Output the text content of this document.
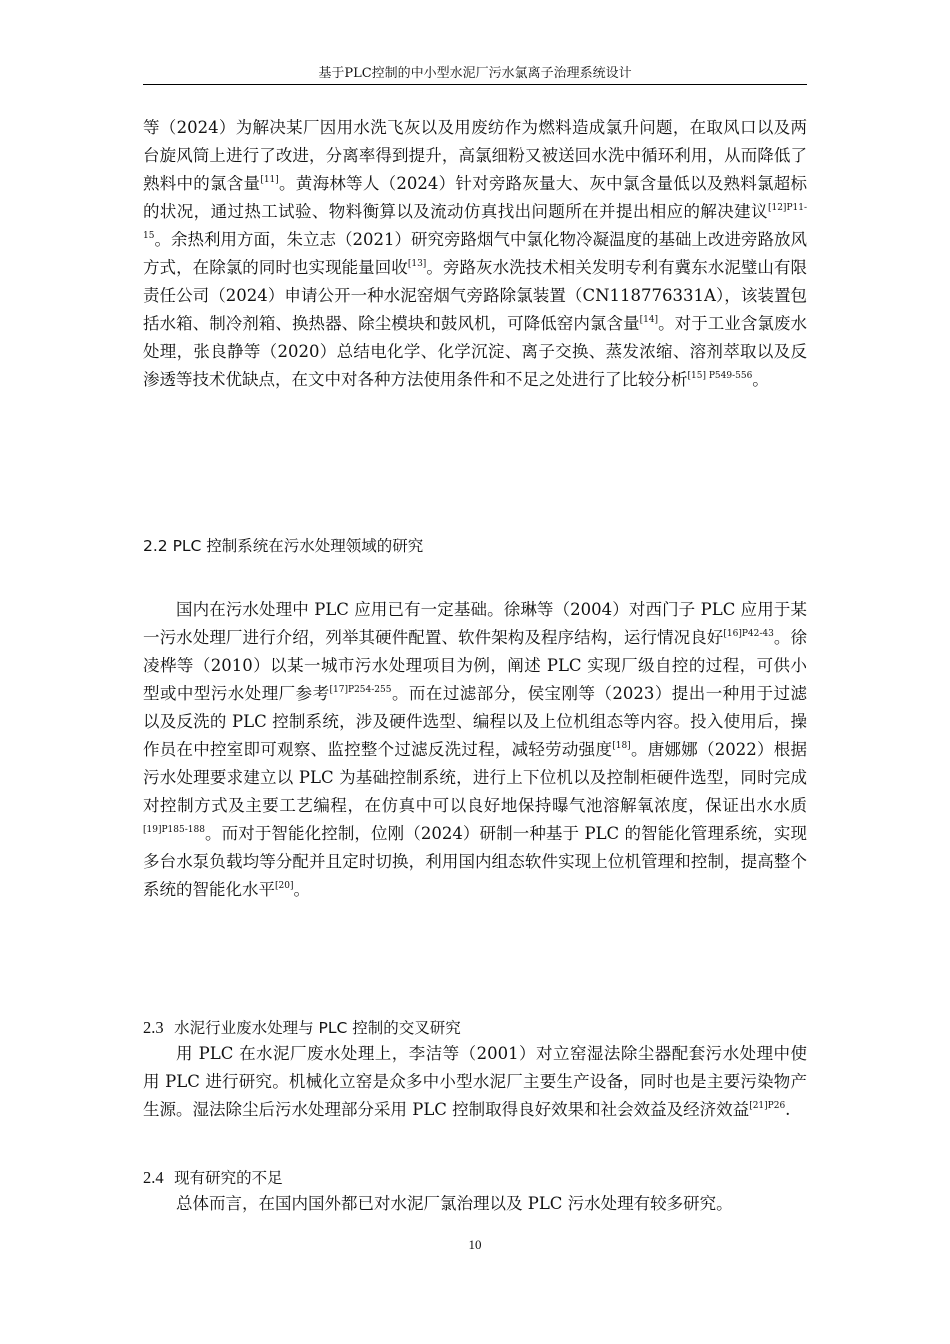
基于PLC控制的中小型水泥厂污水氯离子治理系统设计

等（2024）为解决某厂因用水洗飞灰以及用废纺作为燃料造成氯升问题，在取风口以及两台旋风筒上进行了改进，分离率得到提升，高氯细粉又被送回水洗中循环利用，从而降低了熟料中的氯含量[11]。黄海林等人（2024）针对旁路灰量大、灰中氯含量低以及熟料氯超标的状况，通过热工试验、物料衡算以及流动仿真找出问题所在并提出相应的解决建议$^{[12]P11-15}$。余热利用方面，朱立志（2021）研究旁路烟气中氯化物冷凝温度的基础上改进旁路放风方式，在除氯的同时也实现能量回收[13]。旁路灰水洗技术相关发明专利有冀东水泥璧山有限责任公司（2024）申请公开一种水泥窑烟气旁路除氯装置（CN118776331A），该装置包括水箱、制冷剂箱、换热器、除尘模块和鼓风机，可降低窑内氯含量[14]。对于工业含氯废水处理，张良静等（2020）总结电化学、化学沉淀、离子交换、蒸发浓缩、溶剂萃取以及反渗透等技术优缺点，在文中对各种方法使用条件和不足之处进行了比较分析$^{[15] P549-556}$。

2.2 PLC 控制系统在污水处理领域的研究

国内在污水处理中 PLC 应用已有一定基础。徐琳等（2004）对西门子 PLC 应用于某一污水处理厂进行介绍，列举其硬件配置、软件架构及程序结构，运行情况良好$^{[16]P42-43}$。徐凌桦等（2010）以某一城市污水处理项目为例，阐述 PLC 实现厂级自控的过程，可供小型或中型污水处理厂参考$^{[17]P254-255}$。而在过滤部分，侯宝刚等（2023）提出一种用于过滤以及反洗的 PLC 控制系统，涉及硬件选型、编程以及上位机组态等内容。投入使用后，操作员在中控室即可观察、监控整个过滤反洗过程，减轻劳动强度[18]。唐娜娜（2022）根据污水处理要求建立以 PLC 为基础控制系统，进行上下位机以及控制柜硬件选型，同时完成对控制方式及主要工艺编程，在仿真中可以良好地保持曝气池溶解氧浓度，保证出水水质$^{[19]P185-188}$。而对于智能化控制，位刚（2024）研制一种基于 PLC 的智能化管理系统，实现多台水泵负载均等分配并且定时切换，利用国内组态软件实现上位机管理和控制，提高整个系统的智能化水平[20]。

2.3 水泥行业废水处理与 PLC 控制的交叉研究

用 PLC 在水泥厂废水处理上，李洁等（2001）对立窑湿法除尘器配套污水处理中使用 PLC 进行研究。机械化立窑是众多中小型水泥厂主要生产设备，同时也是主要污染物产生源。湿法除尘后污水处理部分采用 PLC 控制取得良好效果和社会效益及经济效益$^{[21]P26}$.

2.4 现有研究的不足

总体而言，在国内国外都已对水泥厂氯治理以及 PLC 污水处理有较多研究。

10
